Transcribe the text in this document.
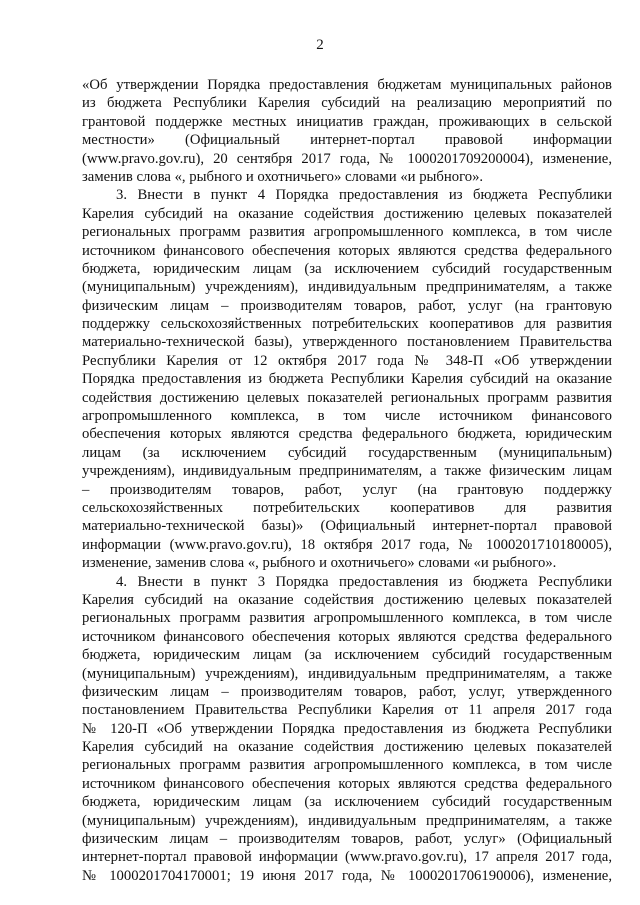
2
«Об утверждении Порядка предоставления бюджетам муниципальных районов
из бюджета Республики Карелия субсидий на реализацию мероприятий по
грантовой поддержке местных инициатив граждан, проживающих в сельской
местности» (Официальный интернет-портал правовой информации
(www.pravo.gov.ru), 20 сентября 2017 года, № 1000201709200004), изменение,
заменив слова «, рыбного и охотничьего» словами «и рыбного».
3. Внести в пункт 4 Порядка предоставления из бюджета Республики
Карелия субсидий на оказание содействия достижению целевых показателей
региональных программ развития агропромышленного комплекса, в том числе
источником финансового обеспечения которых являются средства федерального
бюджета, юридическим лицам (за исключением субсидий государственным
(муниципальным) учреждениям), индивидуальным предпринимателям, а также
физическим лицам – производителям товаров, работ, услуг (на грантовую
поддержку сельскохозяйственных потребительских кооперативов для развития
материально-технической базы), утвержденного постановлением Правительства
Республики Карелия от 12 октября 2017 года № 348-П «Об утверждении
Порядка предоставления из бюджета Республики Карелия субсидий на оказание
содействия достижению целевых показателей региональных программ развития
агропромышленного комплекса, в том числе источником финансового
обеспечения которых являются средства федерального бюджета, юридическим
лицам (за исключением субсидий государственным (муниципальным)
учреждениям), индивидуальным предпринимателям, а также физическим лицам
– производителям товаров, работ, услуг (на грантовую поддержку
сельскохозяйственных потребительских кооперативов для развития
материально-технической базы)» (Официальный интернет-портал правовой
информации (www.pravo.gov.ru), 18 октября 2017 года, № 1000201710180005),
изменение, заменив слова «, рыбного и охотничьего» словами «и рыбного».
4. Внести в пункт 3 Порядка предоставления из бюджета Республики
Карелия субсидий на оказание содействия достижению целевых показателей
региональных программ развития агропромышленного комплекса, в том числе
источником финансового обеспечения которых являются средства федерального
бюджета, юридическим лицам (за исключением субсидий государственным
(муниципальным) учреждениям), индивидуальным предпринимателям, а также
физическим лицам – производителям товаров, работ, услуг, утвержденного
постановлением Правительства Республики Карелия от 11 апреля 2017 года
№ 120-П «Об утверждении Порядка предоставления из бюджета Республики
Карелия субсидий на оказание содействия достижению целевых показателей
региональных программ развития агропромышленного комплекса, в том числе
источником финансового обеспечения которых являются средства федерального
бюджета, юридическим лицам (за исключением субсидий государственным
(муниципальным) учреждениям), индивидуальным предпринимателям, а также
физическим лицам – производителям товаров, работ, услуг» (Официальный
интернет-портал правовой информации (www.pravo.gov.ru), 17 апреля 2017 года,
№ 1000201704170001; 19 июня 2017 года, № 1000201706190006), изменение,
